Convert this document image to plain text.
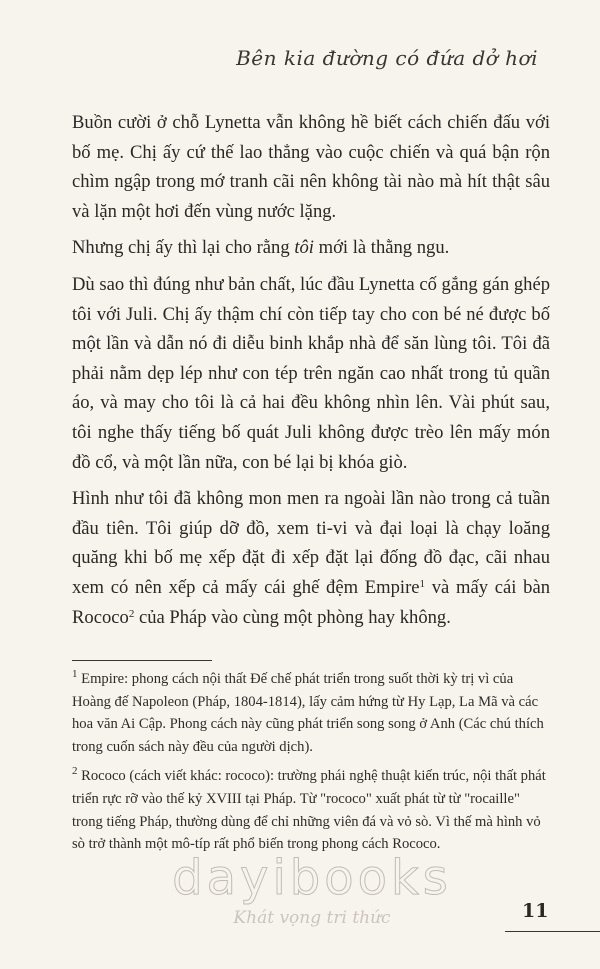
Bên kia đường có đứa dở hơi

Buồn cười ở chỗ Lynetta vẫn không hề biết cách chiến đấu với bố mẹ. Chị ấy cứ thế lao thẳng vào cuộc chiến và quá bận rộn chìm ngập trong mớ tranh cãi nên không tài nào mà hít thật sâu và lặn một hơi đến vùng nước lặng.

Nhưng chị ấy thì lại cho rằng tôi mới là thằng ngu.

Dù sao thì đúng như bản chất, lúc đầu Lynetta cố gắng gán ghép tôi với Juli. Chị ấy thậm chí còn tiếp tay cho con bé né được bố một lần và dẫn nó đi diễu binh khắp nhà để săn lùng tôi. Tôi đã phải nằm dẹp lép như con tép trên ngăn cao nhất trong tủ quần áo, và may cho tôi là cả hai đều không nhìn lên. Vài phút sau, tôi nghe thấy tiếng bố quát Juli không được trèo lên mấy món đồ cổ, và một lần nữa, con bé lại bị khóa giò.

Hình như tôi đã không mon men ra ngoài lần nào trong cả tuần đầu tiên. Tôi giúp dỡ đồ, xem ti-vi và đại loại là chạy loăng quăng khi bố mẹ xếp đặt đi xếp đặt lại đống đồ đạc, cãi nhau xem có nên xếp cả mấy cái ghế đệm Empire$^1$ và mấy cái bàn Rococo$^2$ của Pháp vào cùng một phòng hay không.

$^1$ Empire: phong cách nội thất Đế chế phát triển trong suốt thời kỳ trị vì của Hoàng đế Napoleon (Pháp, 1804-1814), lấy cảm hứng từ Hy Lạp, La Mã và các hoa văn Ai Cập. Phong cách này cũng phát triển song song ở Anh (Các chú thích trong cuốn sách này đều của người dịch).

$^2$ Rococo (cách viết khác: rococo): trường phái nghệ thuật kiến trúc, nội thất phát triển rực rỡ vào thế kỷ XVIII tại Pháp. Từ "rococo" xuất phát từ từ "rocaille" trong tiếng Pháp, thường dùng để chỉ những viên đá và vỏ sò. Vì thế mà hình vỏ sò trở thành một mô-típ rất phổ biến trong phong cách Rococo.

dayibooks
Khát vọng tri thức	11
